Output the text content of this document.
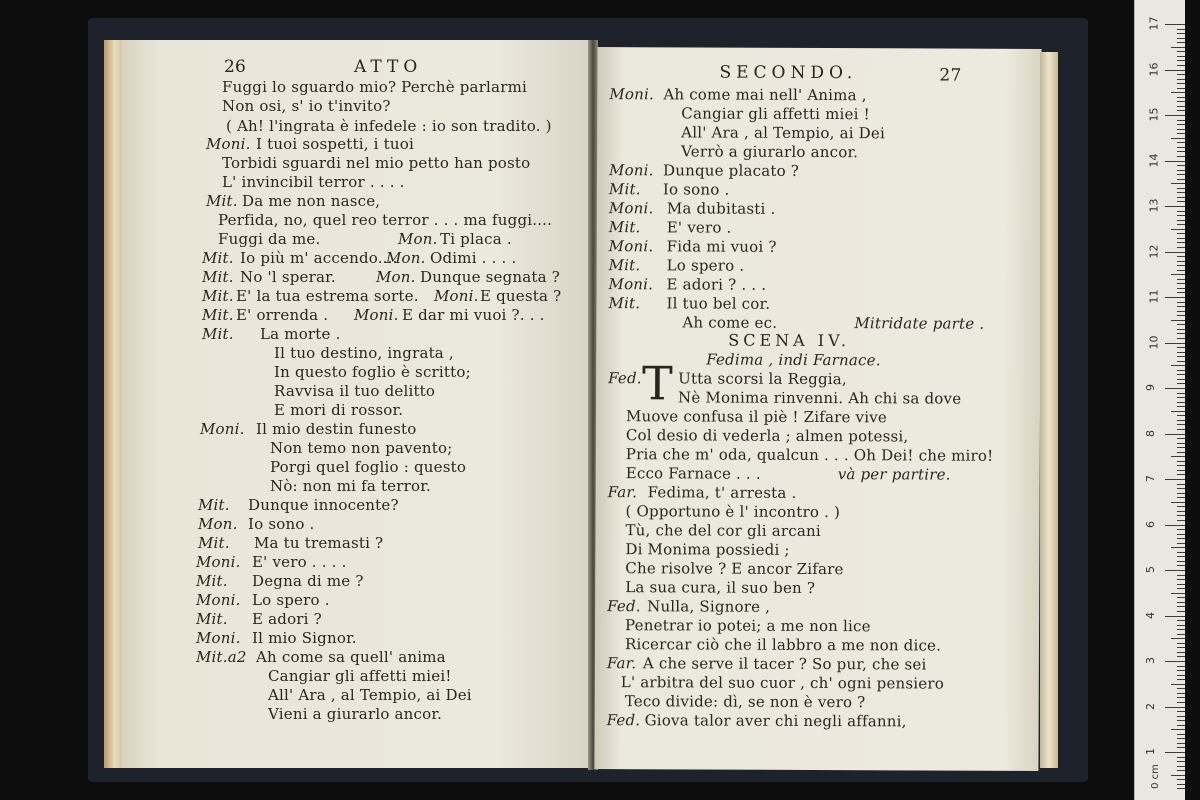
26	ATTO
Fuggi lo sguardo mio? Perchè parlarmi
Non osi, s' io t'invito?
( Ah! l'ingrata è infedele : io son tradito. )
Moni. I tuoi sospetti, i tuoi
Torbidi sguardi nel mio petto han posto
L' invincibil terror . . . .
Mit. Da me non nasce,
Perfida, no, quel reo terror . . . ma fuggi....
Fuggi da me.	Mon. Ti placa .
Mit. Io più m' accendo....
Mon. Odimi . . . .
Mit. No 'l sperar.	Mon. Dunque segnata ?
Mit. E' la tua estrema sorte. Moni. E questa ?
Mit. E' orrenda . Moni. E dar mi vuoi ?. . .
Mit. La morte .
Il tuo destino, ingrata ,
In questo foglio è scritto;
Ravvisa il tuo delitto
E mori di rossor.
Moni. Il mio destin funesto
Non temo non pavento;
Porgi quel foglio : questo
Nò: non mi fa terror.
Mit. Dunque innocente?
Mon. Io sono .
Mit. Ma tu tremasti ?
Moni. E' vero . . . .
Mit. Degna di me ?
Moni. Lo spero .
Mit. E adori ?
Moni. Il mio Signor.
Mit.a2 Ah come sa quell' anima
Cangiar gli affetti miei!
All' Ara , al Tempio, ai Dei
Vieni a giurarlo ancor.
SECONDO.	27
Moni. Ah come mai nell' Anima ,
Cangiar gli affetti miei !
All' Ara , al Tempio, ai Dei
Verrò a giurarlo ancor.
Moni. Dunque placato ?
Mit. Io sono .
Moni. Ma dubitasti .
Mit. E' vero .
Moni. Fida mi vuoi ?
Mit. Lo spero .
Moni. E adori ? . . .
Mit. Il tuo bel cor.
Ah come ec.	Mitridate parte .
SCENA IV.
Fedima , indi Farnace.
Fed. T Utta scorsi la Reggia,
Nè Monima rinvenni. Ah chi sa dove
Muove confusa il piè ! Zifare vive
Col desio di vederla ; almen potessi,
Pria che m' oda, qualcun . . . Oh Dei! che miro!
Ecco Farnace . . .	và per partire.
Far. Fedima, t' arresta .
( Opportuno è l' incontro . )
Tù, che del cor gli arcani
Di Monima possiedi ;
Che risolve ? E ancor Zifare
La sua cura, il suo ben ?
Fed. Nulla, Signore ,
Penetrar io potei; a me non lice
Ricercar ciò che il labbro a me non dice.
Far. A che serve il tacer ? So pur, che sei
L' arbitra del suo cuor , ch' ogni pensiero
Teco divide: dì, se non è vero ?
Fed. Giova talor aver chi negli affanni,
0 cm
17
16
15
14
13
12
11
10
9
8
7
6
5
4
3
2
1
